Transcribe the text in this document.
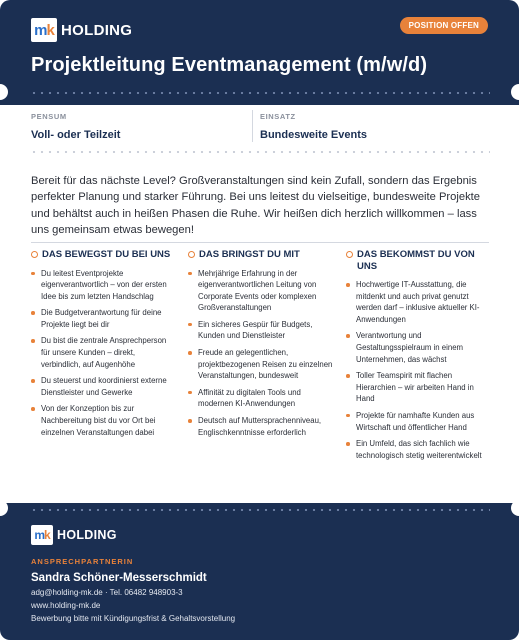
m k HOLDING	POSITION OFFEN
Projektleitung Eventmanagement (m/w/d)
PENSUM
Voll- oder Teilzeit
EINSATZ
Bundesweite Events

Bereit für das nächste Level? Großveranstaltungen sind kein Zufall, sondern das Ergebnis perfekter Planung und starker Führung. Bei uns leitest du vielseitige, bundesweite Projekte und behältst auch in heißen Phasen die Ruhe. Wir heißen dich herzlich willkommen – lass uns gemeinsam etwas bewegen!

DAS BEWEGST DU BEI UNS
Du leitest Eventprojekte eigenverantwortlich – von der ersten Idee bis zum letzten Handschlag
Die Budgetverantwortung für deine Projekte liegt bei dir
Du bist die zentrale Ansprechperson für unsere Kunden – direkt, verbindlich, auf Augenhöhe
Du steuerst und koordinierst externe Dienstleister und Gewerke
Von der Konzeption bis zur Nachbereitung bist du vor Ort bei einzelnen Veranstaltungen dabei
DAS BRINGST DU MIT
Mehrjährige Erfahrung in der eigenverantwortlichen Leitung von Corporate Events oder komplexen Großveranstaltungen
Ein sicheres Gespür für Budgets, Kunden und Dienstleister
Freude an gelegentlichen, projektbezogenen Reisen zu einzelnen Veranstaltungen, bundesweit
Affinität zu digitalen Tools und modernen KI-Anwendungen
Deutsch auf Muttersprachenniveau, Englischkenntnisse erforderlich
DAS BEKOMMST DU VON UNS
Hochwertige IT-Ausstattung, die mitdenkt und auch privat genutzt werden darf – inklusive aktueller KI-Anwendungen
Verantwortung und Gestaltungsspielraum in einem Unternehmen, das wächst
Toller Teamspirit mit flachen Hierarchien – wir arbeiten Hand in Hand
Projekte für namhafte Kunden aus Wirtschaft und öffentlicher Hand
Ein Umfeld, das sich fachlich wie technologisch stetig weiterentwickelt
m k HOLDING
ANSPRECHPARTNERIN
Sandra Schöner-Messerschmidt
adg@holding-mk.de · Tel. 06482 948903-3
www.holding-mk.de
Bewerbung bitte mit Kündigungsfrist & Gehaltsvorstellung
